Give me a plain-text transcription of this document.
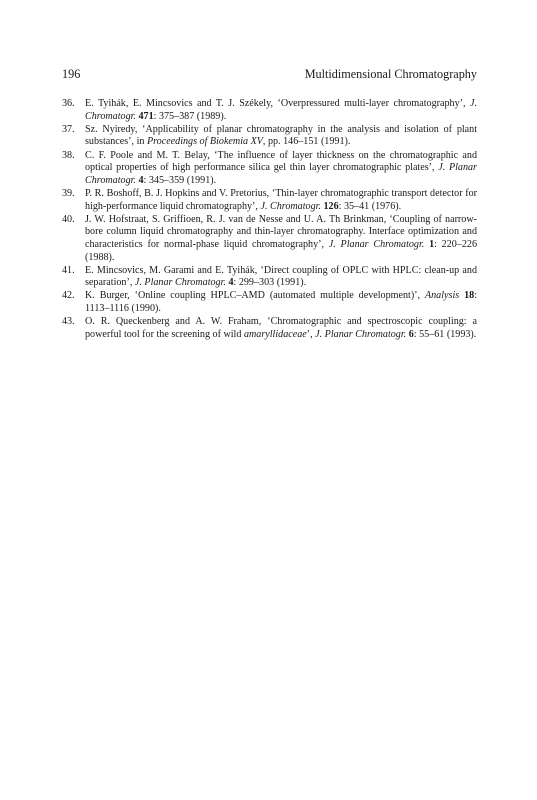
196	Multidimensional Chromatography
36. E. Tyihák, E. Mincsovics and T. J. Székely, ‘Overpressured multi-layer chromatography’, J. Chromatogr. 471: 375–387 (1989).
37. Sz. Nyiredy, ‘Applicability of planar chromatography in the analysis and isolation of plant substances’, in Proceedings of Biokemia XV, pp. 146–151 (1991).
38. C. F. Poole and M. T. Belay, ‘The influence of layer thickness on the chromatographic and optical properties of high performance silica gel thin layer chromatographic plates’, J. Planar Chromatogr. 4: 345–359 (1991).
39. P. R. Boshoff, B. J. Hopkins and V. Pretorius, ‘Thin-layer chromatographic transport detector for high-performance liquid chromatography’, J. Chromatogr. 126: 35–41 (1976).
40. J. W. Hofstraat, S. Griffioen, R. J. van de Nesse and U. A. Th Brinkman, ‘Coupling of narrow-bore column liquid chromatography and thin-layer chromatography. Interface optimization and characteristics for normal-phase liquid chromatography’, J. Planar Chromatogr. 1: 220–226 (1988).
41. E. Mincsovics, M. Garami and E. Tyihák, ‘Direct coupling of OPLC with HPLC: clean-up and separation’, J. Planar Chromatogr. 4: 299–303 (1991).
42. K. Burger, ‘Online coupling HPLC–AMD (automated multiple development)’, Analysis 18: 1113–1116 (1990).
43. O. R. Queckenberg and A. W. Fraham, ‘Chromatographic and spectroscopic coupling: a powerful tool for the screening of wild amaryllidaceae’, J. Planar Chromatogr. 6: 55–61 (1993).
